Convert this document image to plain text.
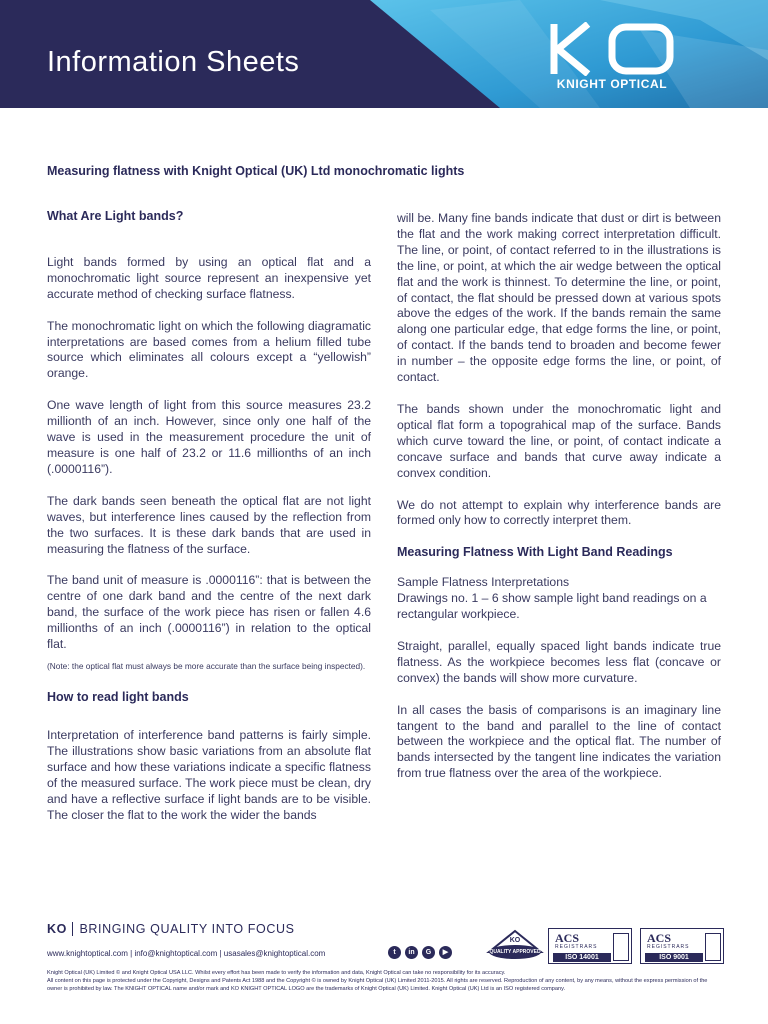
Information Sheets
KNIGHT OPTICAL
Measuring flatness with Knight Optical (UK) Ltd monochromatic lights
What Are Light bands?

Light bands formed by using an optical flat and a monochromatic light source represent an inexpensive yet accurate method of checking surface flatness.

The monochromatic light on which the following diagramatic interpretations are based comes from a helium filled tube source which eliminates all colours except a “yellowish” orange.

One wave length of light from this source measures 23.2 millionth of an inch. However, since only one half of the wave is used in the measurement procedure the unit of measure is one half of 23.2 or 11.6 millionths of an inch (.0000116”).

The dark bands seen beneath the optical flat are not light waves, but interference lines caused by the reflection from the two surfaces. It is these dark bands that are used in measuring the flatness of the surface.

The band unit of measure is .0000116”: that is between the centre of one dark band and the centre of the next dark band, the surface of the work piece has risen or fallen 4.6 millionths of an inch (.0000116”) in relation to the optical flat.

(Note: the optical flat must always be more accurate than the surface being inspected).

How to read light bands

Interpretation of interference band patterns is fairly simple. The illustrations show basic variations from an absolute flat surface and how these variations indicate a specific flatness of the measured surface. The work piece must be clean, dry and have a reflective surface if light bands are to be visible. The closer the flat to the work the wider the bands

will be. Many fine bands indicate that dust or dirt is between the flat and the work making correct interpretation difficult. The line, or point, of contact referred to in the illustrations is the line, or point, at which the air wedge between the optical flat and the work is thinnest. To determine the line, or point, of contact, the flat should be pressed down at various spots above the edges of the work. If the bands remain the same along one particular edge, that edge forms the line, or point, of contact. If the bands tend to broaden and become fewer in number – the opposite edge forms the line, or point, of contact.

The bands shown under the monochromatic light and optical flat form a topograhical map of the surface. Bands which curve toward the line, or point, of contact indicate a concave surface and bands that curve away indicate a convex condition.

We do not attempt to explain why interference bands are formed only how to correctly interpret them.

Measuring Flatness With Light Band Readings

Sample Flatness Interpretations
Drawings no. 1 – 6 show sample light band readings on a rectangular workpiece.

Straight, parallel, equally spaced light bands indicate true flatness. As the workpiece becomes less flat (concave or convex) the bands will show more curvature.

In all cases the basis of comparisons is an imaginary line tangent to the band and parallel to the line of contact between the workpiece and the optical flat. The number of bands intersected by the tangent line indicates the variation from true flatness over the area of the workpiece.

KO BRINGING QUALITY INTO FOCUS
www.knightoptical.com | info@knightoptical.com | usasales@knightoptical.com	t	in	G	▶
KO
QUALITY APPROVED
ACS
REGISTRARS
ISO 14001
ACS
REGISTRARS
ISO 9001
Knight Optical (UK) Limited © and Knight Optical USA LLC. Whilst every effort has been made to verify the information and data, Knight Optical can take no responsibility for its accuracy.
All content on this page is protected under the Copyright, Designs and Patents Act 1988 and the Copyright © is owned by Knight Optical (UK) Limited 2011-2015. All rights are reserved. Reproduction of any content, by any means, without the express permission of the owner is prohibited by law. The KNIGHT OPTICAL name and/or mark and KO KNIGHT OPTICAL LOGO are the trademarks of Knight Optical (UK) Limited. Knight Optical (UK) Ltd is an ISO registered company.
